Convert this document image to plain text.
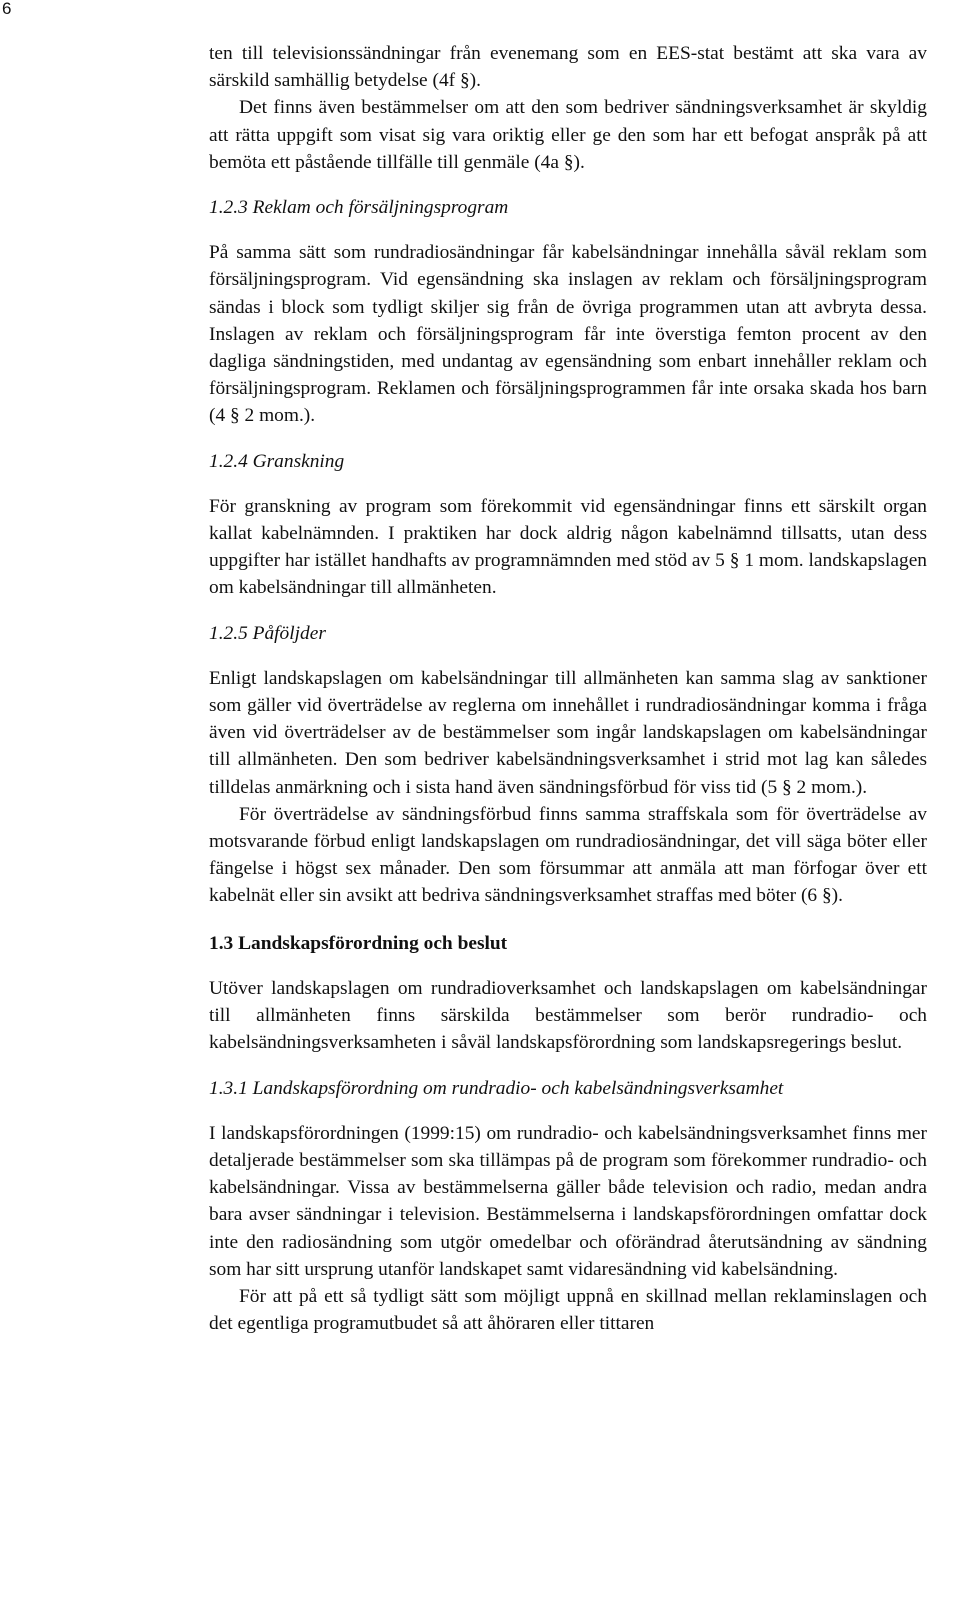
6

ten till televisionssändningar från evenemang som en EES-stat bestämt att ska vara av särskild samhällig betydelse (4f §).

Det finns även bestämmelser om att den som bedriver sändningsverksamhet är skyldig att rätta uppgift som visat sig vara oriktig eller ge den som har ett befogat anspråk på att bemöta ett påstående tillfälle till genmäle (4a §).

1.2.3 Reklam och försäljningsprogram

På samma sätt som rundradiosändningar får kabelsändningar innehålla såväl reklam som försäljningsprogram. Vid egensändning ska inslagen av reklam och försäljningsprogram sändas i block som tydligt skiljer sig från de övriga programmen utan att avbryta dessa. Inslagen av reklam och försäljningsprogram får inte överstiga femton procent av den dagliga sändningstiden, med undantag av egensändning som enbart innehåller reklam och försäljningsprogram. Reklamen och försäljningsprogrammen får inte orsaka skada hos barn (4 § 2 mom.).

1.2.4 Granskning

För granskning av program som förekommit vid egensändningar finns ett särskilt organ kallat kabelnämnden. I praktiken har dock aldrig någon kabelnämnd tillsatts, utan dess uppgifter har istället handhafts av programnämnden med stöd av 5 § 1 mom. landskapslagen om kabelsändningar till allmänheten.

1.2.5 Påföljder

Enligt landskapslagen om kabelsändningar till allmänheten kan samma slag av sanktioner som gäller vid överträdelse av reglerna om innehållet i rundradiosändningar komma i fråga även vid överträdelser av de bestämmelser som ingår landskapslagen om kabelsändningar till allmänheten. Den som bedriver kabelsändningsverksamhet i strid mot lag kan således tilldelas anmärkning och i sista hand även sändningsförbud för viss tid (5 § 2 mom.).

För överträdelse av sändningsförbud finns samma straffskala som för överträdelse av motsvarande förbud enligt landskapslagen om rundradiosändningar, det vill säga böter eller fängelse i högst sex månader. Den som försummar att anmäla att man förfogar över ett kabelnät eller sin avsikt att bedriva sändningsverksamhet straffas med böter (6 §).

1.3 Landskapsförordning och beslut

Utöver landskapslagen om rundradioverksamhet och landskapslagen om kabelsändningar till allmänheten finns särskilda bestämmelser som berör rundradio- och kabelsändningsverksamheten i såväl landskapsförordning som landskapsregerings beslut.

1.3.1 Landskapsförordning om rundradio- och kabelsändningsverksamhet

I landskapsförordningen (1999:15) om rundradio- och kabelsändningsverksamhet finns mer detaljerade bestämmelser som ska tillämpas på de program som förekommer rundradio- och kabelsändningar. Vissa av bestämmelserna gäller både television och radio, medan andra bara avser sändningar i television. Bestämmelserna i landskapsförordningen omfattar dock inte den radiosändning som utgör omedelbar och oförändrad återutsändning av sändning som har sitt ursprung utanför landskapet samt vidaresändning vid kabelsändning.

För att på ett så tydligt sätt som möjligt uppnå en skillnad mellan reklaminslagen och det egentliga programutbudet så att åhöraren eller tittaren
